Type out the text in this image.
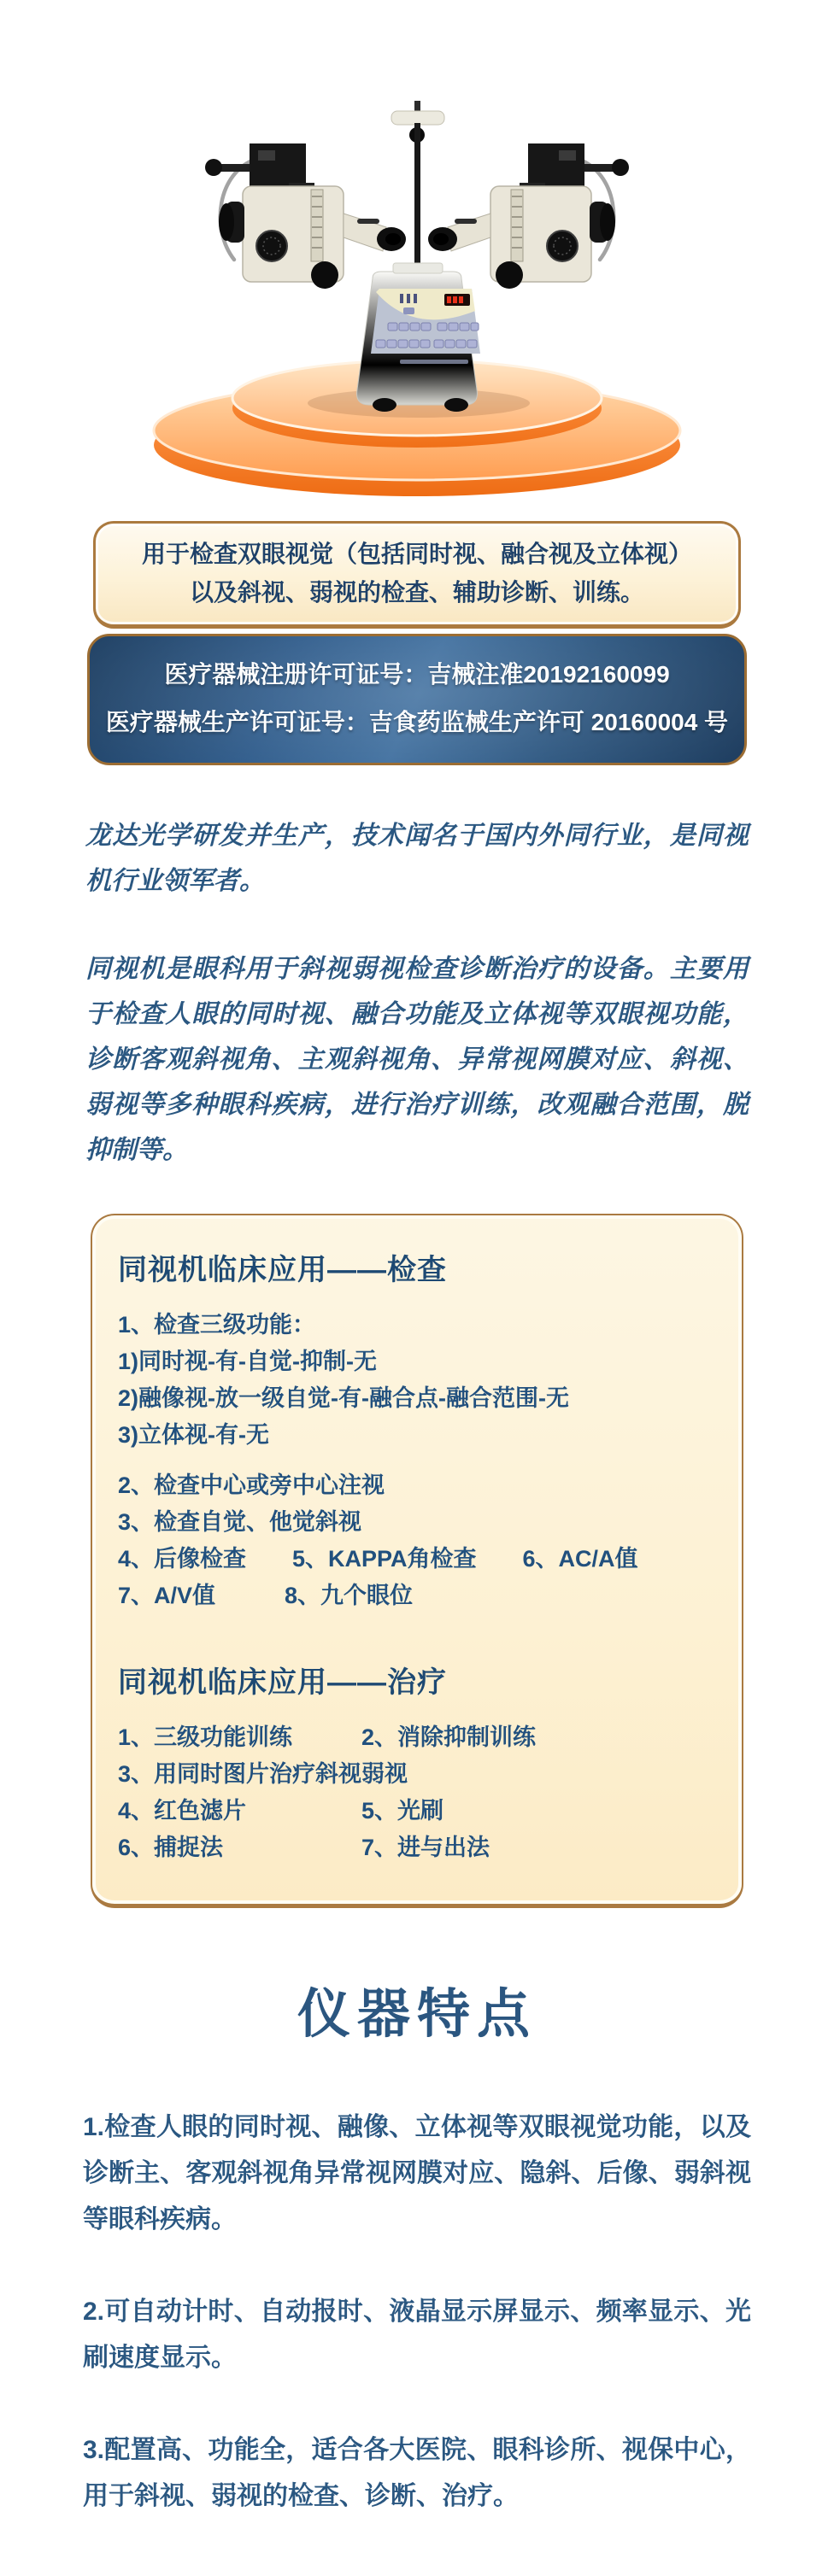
用于检查双眼视觉（包括同时视、融合视及立体视）

以及斜视、弱视的检查、辅助诊断、训练。

医疗器械注册许可证号：吉械注准20192160099

医疗器械生产许可证号：吉食药监械生产许可 20160004 号

龙达光学研发并生产，技术闻名于国内外同行业，是同视机行业领军者。

同视机是眼科用于斜视弱视检查诊断治疗的设备。主要用于检查人眼的同时视、融合功能及立体视等双眼视功能，诊断客观斜视角、主观斜视角、异常视网膜对应、斜视、弱视等多种眼科疾病，进行治疗训练，改观融合范围，脱抑制等。

同视机临床应用——检查

1、检查三级功能：

1)同时视-有-自觉-抑制-无

2)融像视-放一级自觉-有-融合点-融合范围-无

3)立体视-有-无

2、检查中心或旁中心注视

3、检查自觉、他觉斜视

4、后像检查　　5、KAPPA角检查　　6、AC/A值

7、A/V值　　　8、九个眼位

同视机临床应用——治疗

1、三级功能训练　　　2、消除抑制训练

3、用同时图片治疗斜视弱视

4、红色滤片　　　　　5、光刷

6、捕捉法　　　　　　7、进与出法

仪器特点

1.检查人眼的同时视、融像、立体视等双眼视觉功能，以及诊断主、客观斜视角异常视网膜对应、隐斜、后像、弱斜视等眼科疾病。

2.可自动计时、自动报时、液晶显示屏显示、频率显示、光刷速度显示。

3.配置高、功能全，适合各大医院、眼科诊所、视保中心，用于斜视、弱视的检查、诊断、治疗。
